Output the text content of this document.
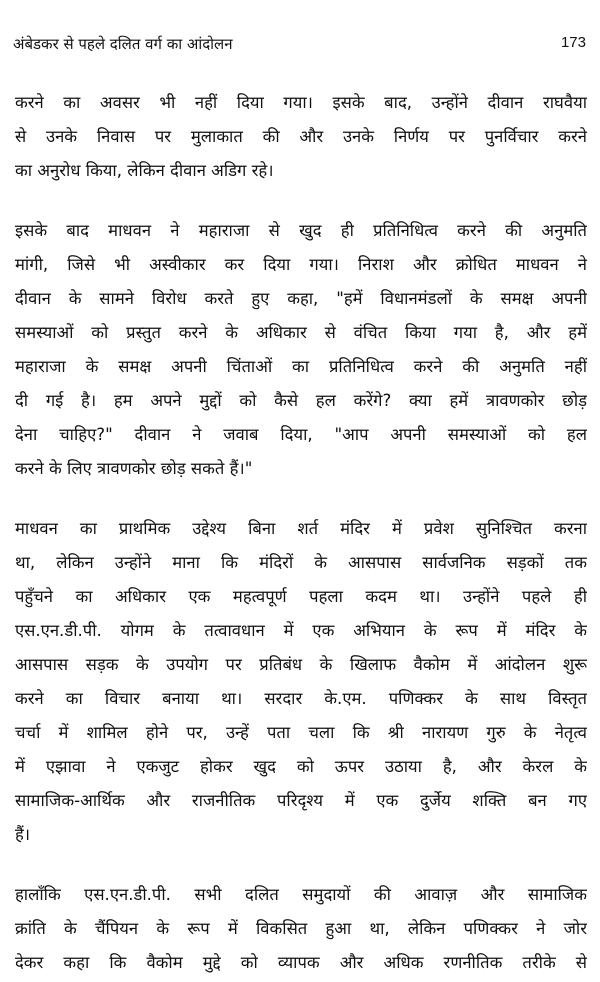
अंबेडकर से पहले दलित वर्ग का आंदोलन	173

करने का अवसर भी नहीं दिया गया। इसके बाद, उन्होंने दीवान राघवैया
से उनके निवास पर मुलाकात की और उनके निर्णय पर पुनर्विचार करने
का अनुरोध किया, लेकिन दीवान अडिग रहे।

इसके बाद माधवन ने महाराजा से खुद ही प्रतिनिधित्व करने की अनुमति
मांगी, जिसे भी अस्वीकार कर दिया गया। निराश और क्रोधित माधवन ने
दीवान के सामने विरोध करते हुए कहा, "हमें विधानमंडलों के समक्ष अपनी
समस्याओं को प्रस्तुत करने के अधिकार से वंचित किया गया है, और हमें
महाराजा के समक्ष अपनी चिंताओं का प्रतिनिधित्व करने की अनुमति नहीं
दी गई है। हम अपने मुद्दों को कैसे हल करेंगे? क्या हमें त्रावणकोर छोड़
देना चाहिए?" दीवान ने जवाब दिया, "आप अपनी समस्याओं को हल
करने के लिए त्रावणकोर छोड़ सकते हैं।"

माधवन का प्राथमिक उद्देश्य बिना शर्त मंदिर में प्रवेश सुनिश्चित करना
था, लेकिन उन्होंने माना कि मंदिरों के आसपास सार्वजनिक सड़कों तक
पहुँचने का अधिकार एक महत्वपूर्ण पहला कदम था। उन्होंने पहले ही
एस.एन.डी.पी. योगम के तत्वावधान में एक अभियान के रूप में मंदिर के
आसपास सड़क के उपयोग पर प्रतिबंध के खिलाफ वैकोम में आंदोलन शुरू
करने का विचार बनाया था। सरदार के.एम. पणिक्कर के साथ विस्तृत
चर्चा में शामिल होने पर, उन्हें पता चला कि श्री नारायण गुरु के नेतृत्व
में एझावा ने एकजुट होकर खुद को ऊपर उठाया है, और केरल के
सामाजिक-आर्थिक और राजनीतिक परिदृश्य में एक दुर्जेय शक्ति बन गए
हैं।

हालाँकि एस.एन.डी.पी. सभी दलित समुदायों की आवाज़ और सामाजिक
क्रांति के चैंपियन के रूप में विकसित हुआ था, लेकिन पणिक्कर ने जोर
देकर कहा कि वैकोम मुद्दे को व्यापक और अधिक रणनीतिक तरीके से
